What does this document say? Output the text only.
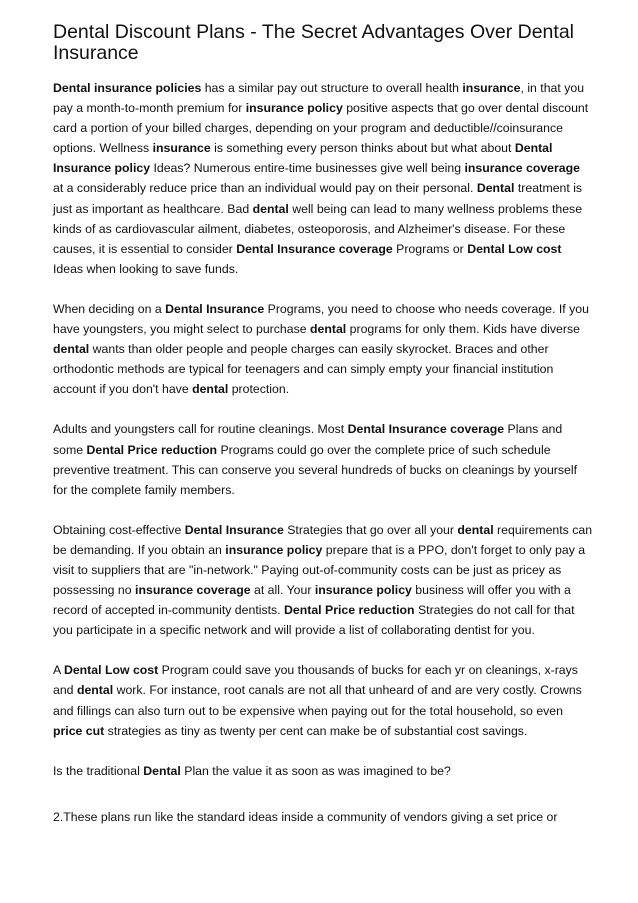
Dental Discount Plans - The Secret Advantages Over Dental Insurance

Dental insurance policies has a similar pay out structure to overall health insurance, in that you pay a month-to-month premium for insurance policy positive aspects that go over dental discount card a portion of your billed charges, depending on your program and deductible//coinsurance options. Wellness insurance is something every person thinks about but what about Dental Insurance policy Ideas? Numerous entire-time businesses give well being insurance coverage at a considerably reduce price than an individual would pay on their personal. Dental treatment is just as important as healthcare. Bad dental well being can lead to many wellness problems these kinds of as cardiovascular ailment, diabetes, osteoporosis, and Alzheimer's disease. For these causes, it is essential to consider Dental Insurance coverage Programs or Dental Low cost Ideas when looking to save funds.

When deciding on a Dental Insurance Programs, you need to choose who needs coverage. If you have youngsters, you might select to purchase dental programs for only them. Kids have diverse dental wants than older people and people charges can easily skyrocket. Braces and other orthodontic methods are typical for teenagers and can simply empty your financial institution account if you don't have dental protection.

Adults and youngsters call for routine cleanings. Most Dental Insurance coverage Plans and some Dental Price reduction Programs could go over the complete price of such schedule preventive treatment. This can conserve you several hundreds of bucks on cleanings by yourself for the complete family members.

Obtaining cost-effective Dental Insurance Strategies that go over all your dental requirements can be demanding. If you obtain an insurance policy prepare that is a PPO, don't forget to only pay a visit to suppliers that are "in-network." Paying out-of-community costs can be just as pricey as possessing no insurance coverage at all. Your insurance policy business will offer you with a record of accepted in-community dentists. Dental Price reduction Strategies do not call for that you participate in a specific network and will provide a list of collaborating dentist for you.

A Dental Low cost Program could save you thousands of bucks for each yr on cleanings, x-rays and dental work. For instance, root canals are not all that unheard of and are very costly. Crowns and fillings can also turn out to be expensive when paying out for the total household, so even price cut strategies as tiny as twenty per cent can make be of substantial cost savings.

Is the traditional Dental Plan the value it as soon as was imagined to be?

2.These plans run like the standard ideas inside a community of vendors giving a set price or
